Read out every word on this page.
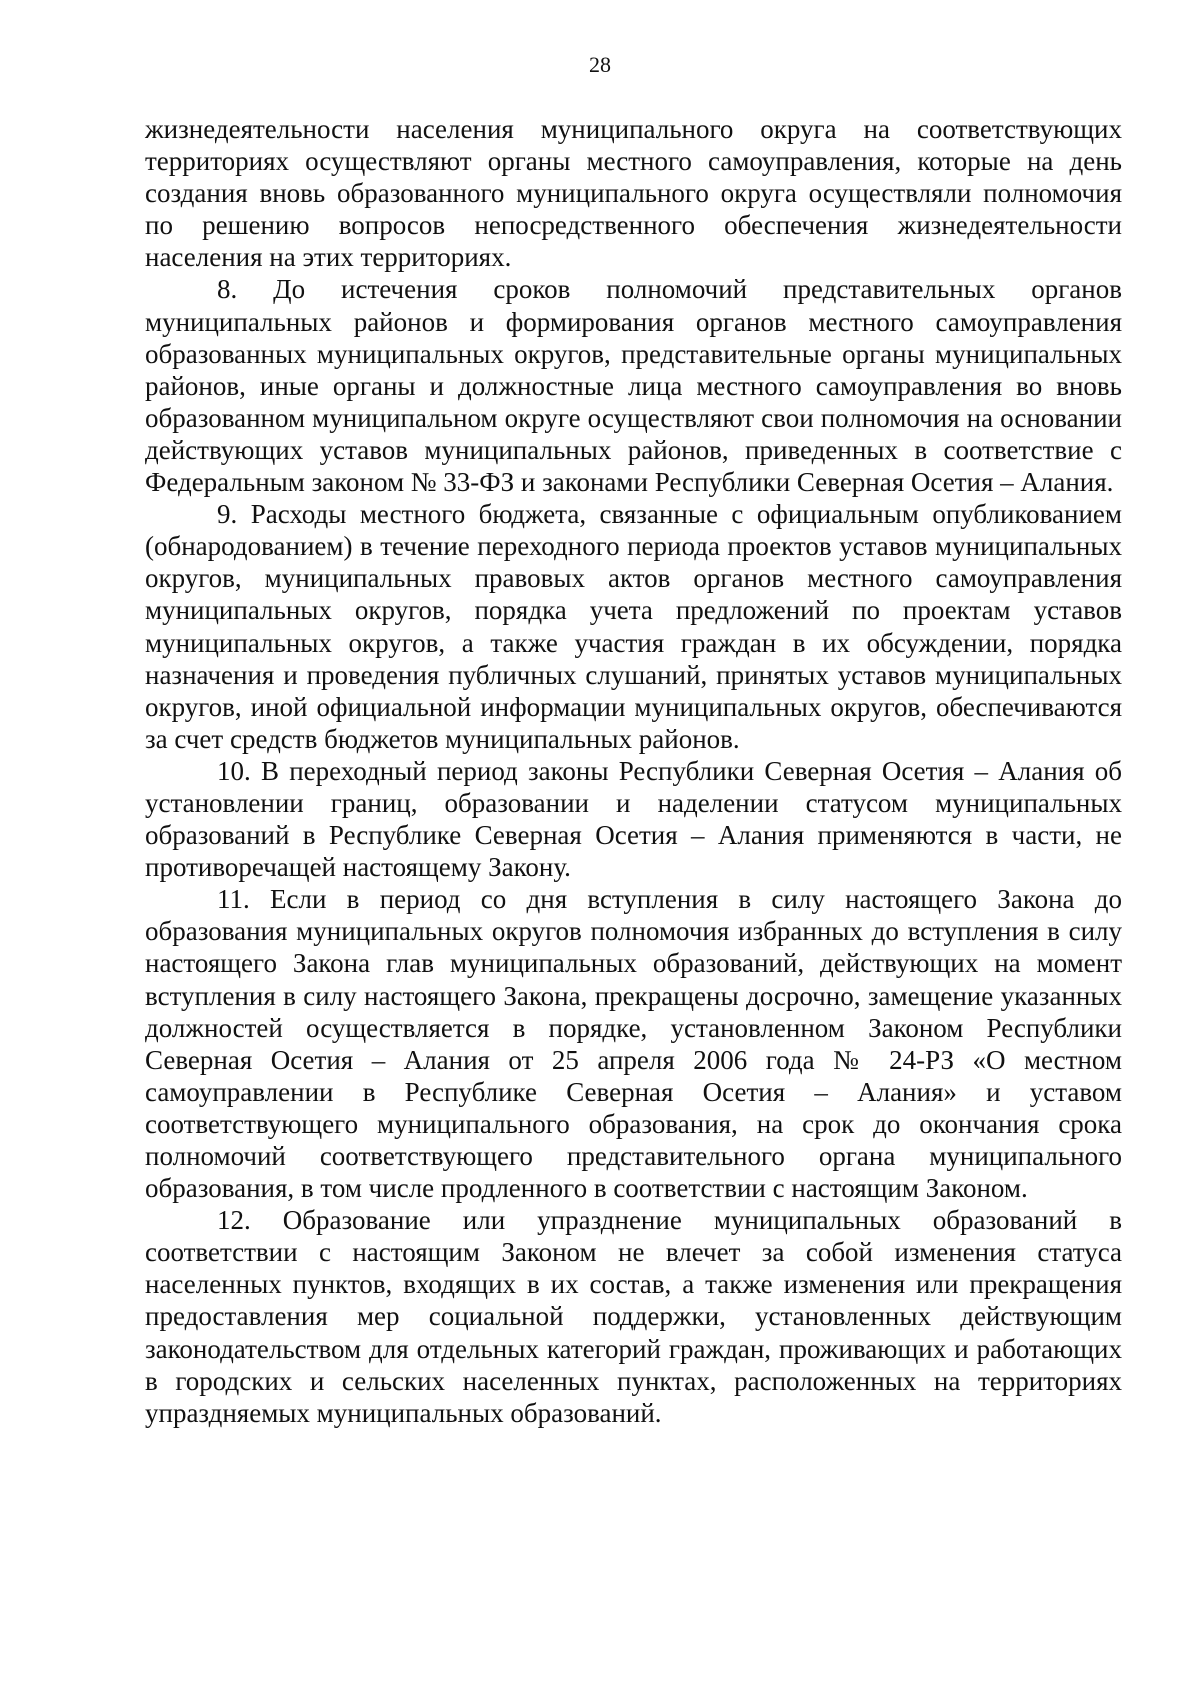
28

жизнедеятельности населения муниципального округа на соответствующих территориях осуществляют органы местного самоуправления, которые на день создания вновь образованного муниципального округа осуществляли полномочия по решению вопросов непосредственного обеспечения жизнедеятельности населения на этих территориях.

8. До истечения сроков полномочий представительных органов муниципальных районов и формирования органов местного самоуправления образованных муниципальных округов, представительные органы муниципальных районов, иные органы и должностные лица местного самоуправления во вновь образованном муниципальном округе осуществляют свои полномочия на основании действующих уставов муниципальных районов, приведенных в соответствие с Федеральным законом № 33-ФЗ и законами Республики Северная Осетия – Алания.

9. Расходы местного бюджета, связанные с официальным опубликованием (обнародованием) в течение переходного периода проектов уставов муниципальных округов, муниципальных правовых актов органов местного самоуправления муниципальных округов, порядка учета предложений по проектам уставов муниципальных округов, а также участия граждан в их обсуждении, порядка назначения и проведения публичных слушаний, принятых уставов муниципальных округов, иной официальной информации муниципальных округов, обеспечиваются за счет средств бюджетов муниципальных районов.

10. В переходный период законы Республики Северная Осетия – Алания об установлении границ, образовании и наделении статусом муниципальных образований в Республике Северная Осетия – Алания применяются в части, не противоречащей настоящему Закону.

11. Если в период со дня вступления в силу настоящего Закона до образования муниципальных округов полномочия избранных до вступления в силу настоящего Закона глав муниципальных образований, действующих на момент вступления в силу настоящего Закона, прекращены досрочно, замещение указанных должностей осуществляется в порядке, установленном Законом Республики Северная Осетия – Алания от 25 апреля 2006 года № 24-РЗ «О местном самоуправлении в Республике Северная Осетия – Алания» и уставом соответствующего муниципального образования, на срок до окончания срока полномочий соответствующего представительного органа муниципального образования, в том числе продленного в соответствии с настоящим Законом.

12. Образование или упразднение муниципальных образований в соответствии с настоящим Законом не влечет за собой изменения статуса населенных пунктов, входящих в их состав, а также изменения или прекращения предоставления мер социальной поддержки, установленных действующим законодательством для отдельных категорий граждан, проживающих и работающих в городских и сельских населенных пунктах, расположенных на территориях упраздняемых муниципальных образований.
